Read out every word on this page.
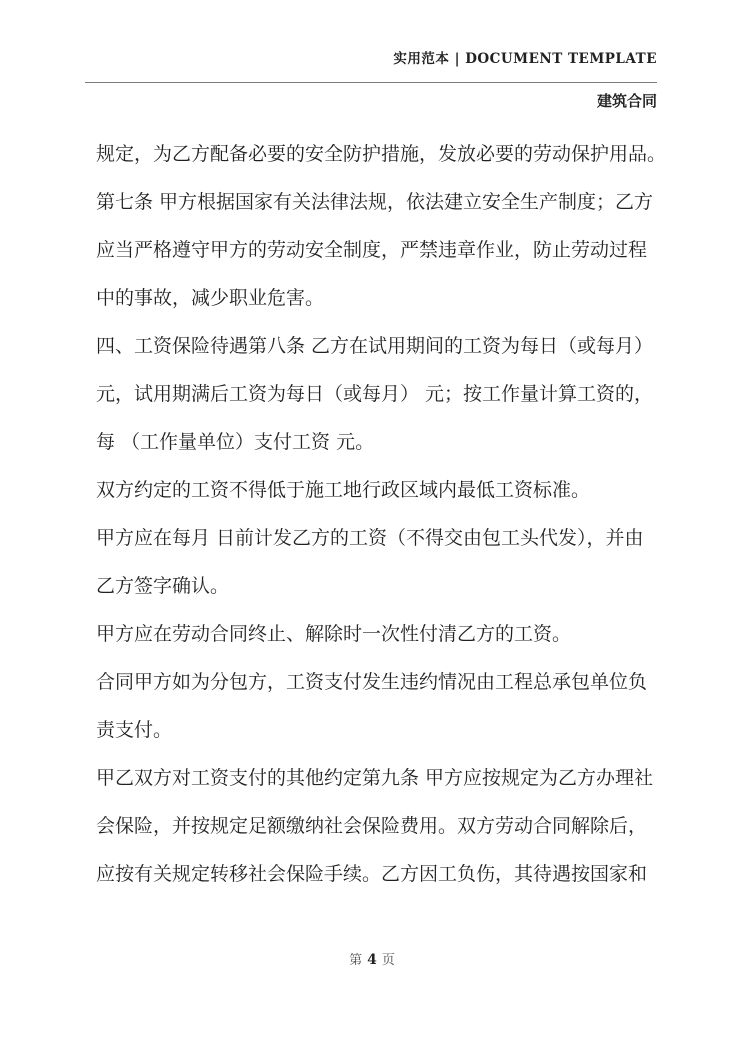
实用范本 | DOCUMENT TEMPLATE
建筑合同
规定，为乙方配备必要的安全防护措施，发放必要的劳动保护用品。
第七条 甲方根据国家有关法律法规，依法建立安全生产制度；乙方
应当严格遵守甲方的劳动安全制度，严禁违章作业，防止劳动过程
中的事故，减少职业危害。
四、工资保险待遇第八条 乙方在试用期间的工资为每日（或每月）
元，试用期满后工资为每日（或每月） 元；按工作量计算工资的，
每 （工作量单位）支付工资 元。
双方约定的工资不得低于施工地行政区域内最低工资标准。
甲方应在每月 日前计发乙方的工资（不得交由包工头代发），并由
乙方签字确认。
甲方应在劳动合同终止、解除时一次性付清乙方的工资。
合同甲方如为分包方，工资支付发生违约情况由工程总承包单位负
责支付。
甲乙双方对工资支付的其他约定第九条 甲方应按规定为乙方办理社
会保险，并按规定足额缴纳社会保险费用。双方劳动合同解除后，
应按有关规定转移社会保险手续。乙方因工负伤，其待遇按国家和
第 4 页
